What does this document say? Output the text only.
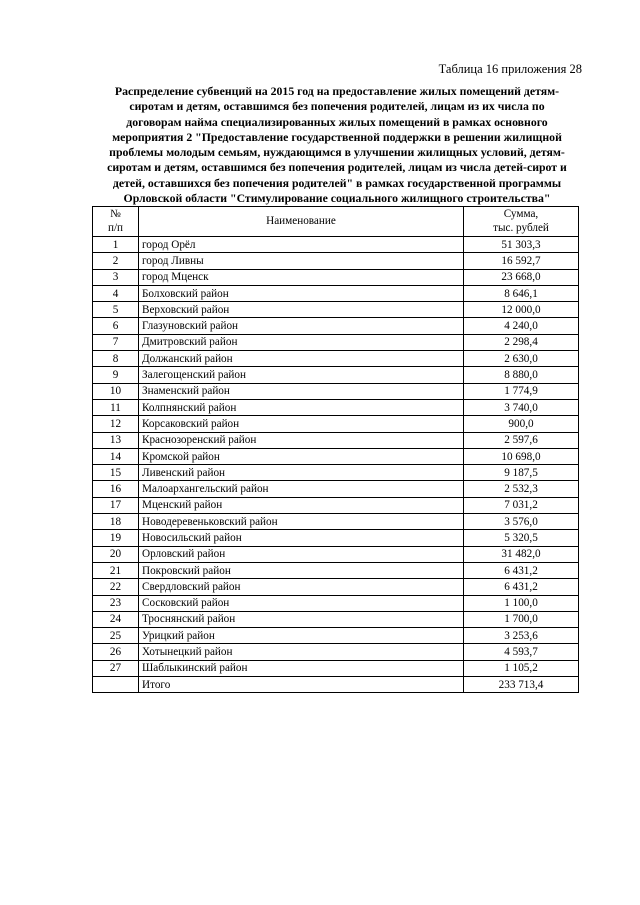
Таблица 16 приложения 28
Распределение субвенций на 2015 год на предоставление жилых помещений детям-
сиротам и детям, оставшимся без попечения родителей, лицам из их числа по
договорам найма специализированных жилых помещений в рамках основного
мероприятия 2 "Предоставление государственной поддержки в решении жилищной
проблемы молодым семьям, нуждающимся в улучшении жилищных условий, детям-
сиротам и детям, оставшимся без попечения родителей, лицам из числа детей-сирот и
детей, оставшихся без попечения родителей" в рамках государственной программы
Орловской области "Стимулирование социального жилищного строительства"
№
п/п	Наименование	Сумма,
тыс. рублей
1	город Орёл	51 303,3
2	город Ливны	16 592,7
3	город Мценск	23 668,0
4	Болховский район	8 646,1
5	Верховский район	12 000,0
6	Глазуновский район	4 240,0
7	Дмитровский район	2 298,4
8	Должанский район	2 630,0
9	Залегощенский район	8 880,0
10	Знаменский район	1 774,9
11	Колпнянский район	3 740,0
12	Корсаковский район	900,0
13	Краснозоренский район	2 597,6
14	Кромской район	10 698,0
15	Ливенский район	9 187,5
16	Малоархангельский район	2 532,3
17	Мценский район	7 031,2
18	Новодеревеньковский район	3 576,0
19	Новосильский район	5 320,5
20	Орловский район	31 482,0
21	Покровский район	6 431,2
22	Свердловский район	6 431,2
23	Сосковский район	1 100,0
24	Троснянский район	1 700,0
25	Урицкий район	3 253,6
26	Хотынецкий район	4 593,7
27	Шаблыкинский район	1 105,2
	Итого	233 713,4
